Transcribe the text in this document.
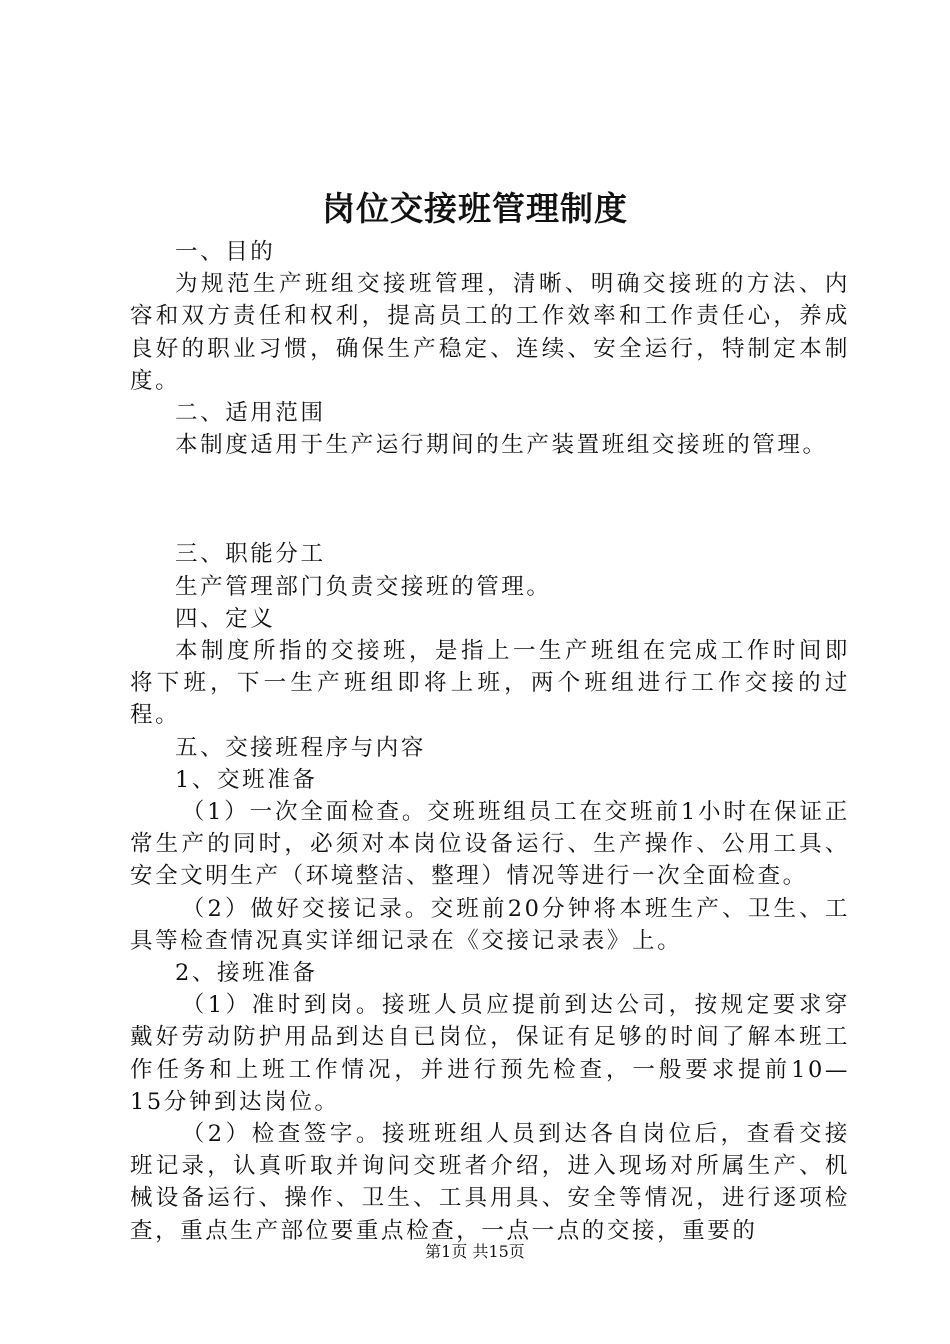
岗位交接班管理制度

一、目的

为规范生产班组交接班管理，清晰、明确交接班的方法、内容和双方责任和权利，提高员工的工作效率和工作责任心，养成良好的职业习惯，确保生产稳定、连续、安全运行，特制定本制度。

二、适用范围

本制度适用于生产运行期间的生产装置班组交接班的管理。

三、职能分工

生产管理部门负责交接班的管理。

四、定义

本制度所指的交接班，是指上一生产班组在完成工作时间即将下班，下一生产班组即将上班，两个班组进行工作交接的过程。

五、交接班程序与内容

1、交班准备

（1）一次全面检查。交班班组员工在交班前1小时在保证正常生产的同时，必须对本岗位设备运行、生产操作、公用工具、安全文明生产（环境整洁、整理）情况等进行一次全面检查。

（2）做好交接记录。交班前20分钟将本班生产、卫生、工具等检查情况真实详细记录在《交接记录表》上。

2、接班准备

（1）准时到岗。接班人员应提前到达公司，按规定要求穿戴好劳动防护用品到达自已岗位，保证有足够的时间了解本班工作任务和上班工作情况，并进行预先检查，一般要求提前10—15分钟到达岗位。

（2）检查签字。接班班组人员到达各自岗位后，查看交接班记录，认真听取并询问交班者介绍，进入现场对所属生产、机械设备运行、操作、卫生、工具用具、安全等情况，进行逐项检查，重点生产部位要重点检查，一点一点的交接，重要的

第1页 共15页
